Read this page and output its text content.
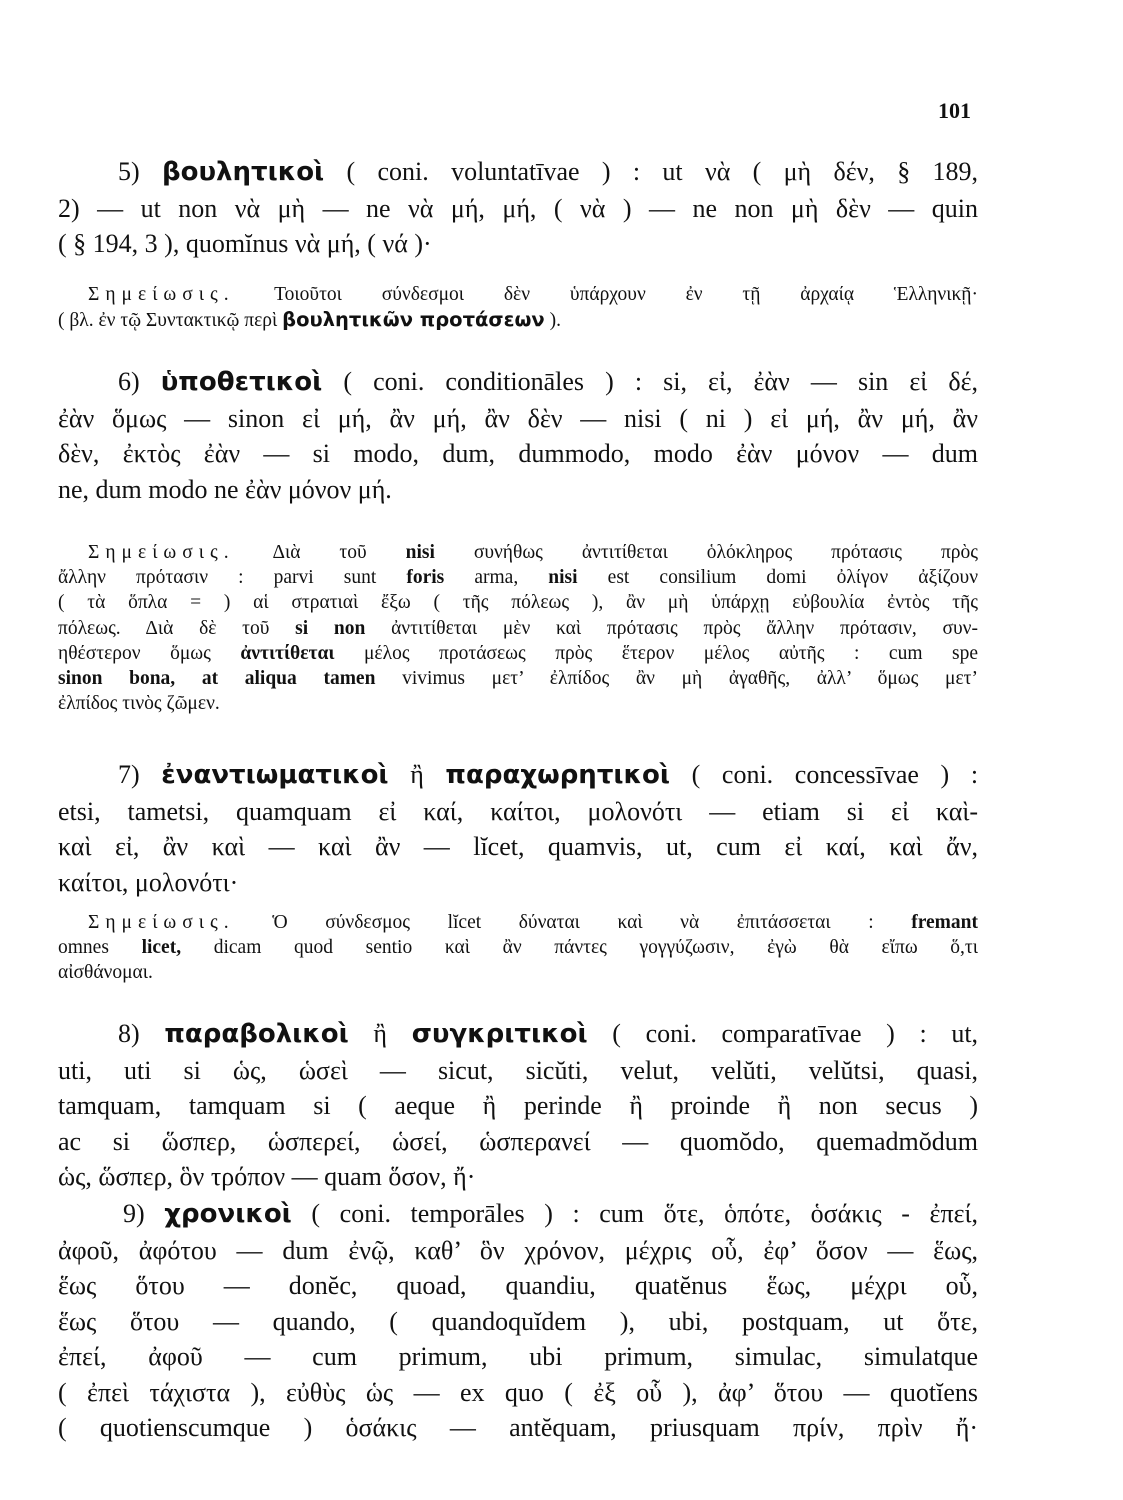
101
5) βουλητικοὶ ( coni. voluntatīvae ) : ut νὰ ( μὴ δέν, § 189,
2) — ut non νὰ μὴ — ne νὰ μή, μή, ( νὰ ) — ne non μὴ δὲν — quin
( § 194, 3 ), quomĭnus νὰ μή, ( νά )·
Σημείωσις. Τοιοῦτοι σύνδεσμοι δὲν ὑπάρχουν ἐν τῇ ἀρχαίᾳ Ἑλληνικῇ·
( βλ. ἐν τῷ Συντακτικῷ περὶ βουλητικῶν προτάσεων ).
6) ὑποθετικοὶ ( coni. conditionāles ) : si, εἰ, ἐὰν — sin εἰ δέ,
ἐὰν ὅμως — sinon εἰ μή, ἂν μή, ἂν δὲν — nisi ( ni ) εἰ μή, ἂν μή, ἂν
δὲν, ἐκτὸς ἐὰν — si modo, dum, dummodo, modo ἐὰν μόνον — dum
ne, dum modo ne ἐὰν μόνον μή.
Σημείωσις. Διὰ τοῦ nisi συνήθως ἀντιτίθεται ὁλόκληρος πρότασις πρὸς
ἄλλην πρότασιν : parvi sunt foris arma, nisi est consilium domi ὀλίγον ἀξίζουν
( τὰ ὅπλα = ) αἱ στρατιαὶ ἔξω ( τῆς πόλεως ), ἂν μὴ ὑπάρχῃ εὐβουλία ἐντὸς τῆς
πόλεως. Διὰ δὲ τοῦ si non ἀντιτίθεται μὲν καὶ πρότασις πρὸς ἄλλην πρότασιν, συν-
ηθέστερον ὅμως ἀντιτίθεται μέλος προτάσεως πρὸς ἕτερον μέλος αὐτῆς : cum spe
sinon bona, at aliqua tamen vivimus μετ’ ἐλπίδος ἂν μὴ ἀγαθῆς, ἀλλ’ ὅμως μετ’
ἐλπίδος τινὸς ζῶμεν.
7) ἐναντιωματικοὶ ἢ παραχωρητικοὶ ( coni. concessīvae ) :
etsi, tametsi, quamquam εἰ καί, καίτοι, μολονότι — etiam si εἰ καὶ-
καὶ εἰ, ἂν καὶ — καὶ ἂν — lĭcet, quamvis, ut, cum εἰ καί, καὶ ἄν,
καίτοι, μολονότι·
Σημείωσις. Ὁ σύνδεσμος lĭcet δύναται καὶ νὰ ἐπιτάσσεται : fremant
omnes licet, dicam quod sentio καὶ ἂν πάντες γογγύζωσιν, ἐγὼ θὰ εἴπω ὅ,τι
αἰσθάνομαι.
8) παραβολικοὶ ἢ συγκριτικοὶ ( coni. comparatīvae ) : ut,
uti, uti si ὡς, ὡσεὶ — sicut, sicŭti, velut, velŭti, velŭtsi, quasi,
tamquam, tamquam si ( aeque ἢ perinde ἢ proinde ἢ non secus )
ac si ὥσπερ, ὡσπερεί, ὡσεί, ὡσπερανεί — quomŏdo, quemadmŏdum
ὡς, ὥσπερ, ὃν τρόπον — quam ὅσον, ἤ·
9) χρονικοὶ ( coni. temporāles ) : cum ὅτε, ὁπότε, ὁσάκις - ἐπεί,
ἀφοῦ, ἀφότου — dum ἐνῷ, καθ’ ὃν χρόνον, μέχρις οὗ, ἐφ’ ὅσον — ἕως,
ἕως ὅτου — donĕc, quoad, quandiu, quatĕnus ἕως, μέχρι οὗ,
ἕως ὅτου — quando, ( quandoquĭdem ), ubi, postquam, ut ὅτε,
ἐπεί, ἀφοῦ — cum primum, ubi primum, simulac, simulatque
( ἐπεὶ τάχιστα ), εὐθὺς ὡς — ex quo ( ἐξ οὗ ), ἀφ’ ὅτου — quotĭens
( quotienscumque ) ὁσάκις — antĕquam, priusquam πρίν, πρὶν ἤ·
